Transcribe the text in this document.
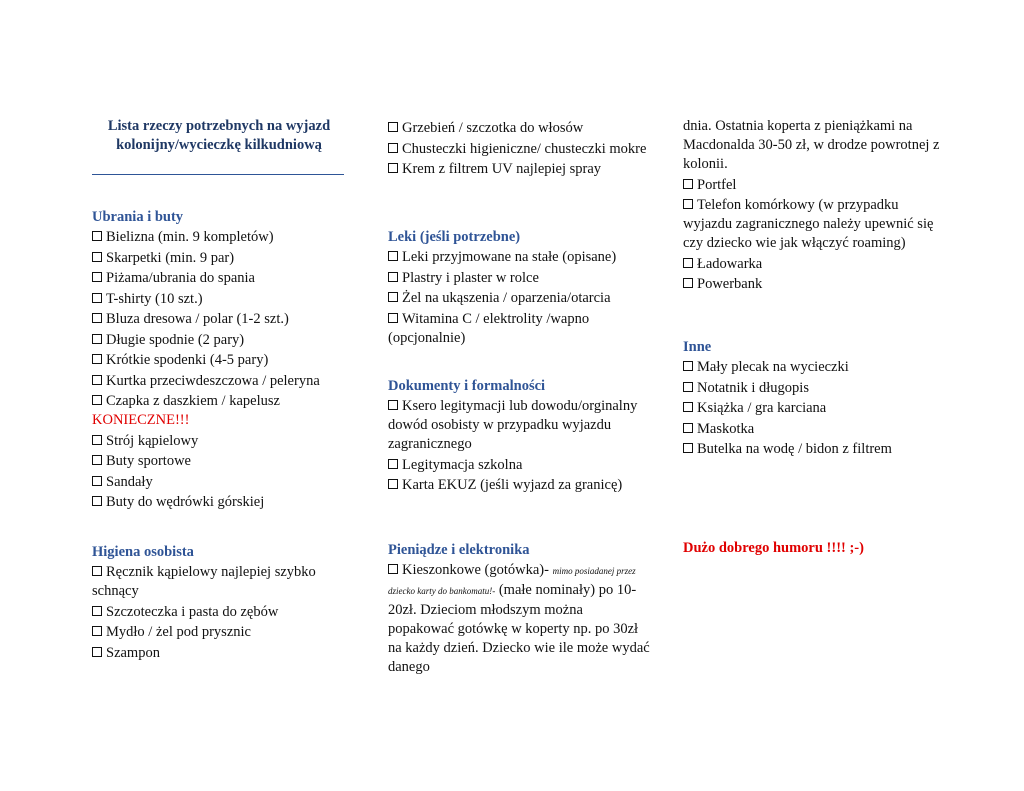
Lista rzeczy potrzebnych na wyjazd kolonijny/wycieczkę kilkudniową
Ubrania i buty
Bielizna (min. 9 kompletów)
Skarpetki (min. 9 par)
Piżama/ubrania do spania
T-shirty (10 szt.)
Bluza dresowa / polar (1-2 szt.)
Długie spodnie (2 pary)
Krótkie spodenki (4-5 pary)
Kurtka przeciwdeszczowa / peleryna
Czapka z daszkiem / kapelusz
KONIECZNE!!!
Strój kąpielowy
Buty sportowe
Sandały
Buty do wędrówki górskiej
Higiena osobista
Ręcznik kąpielowy najlepiej szybko schnący
Szczoteczka i pasta do zębów
Mydło / żel pod prysznic
Szampon
Grzebień / szczotka do włosów
Chusteczki higieniczne/ chusteczki mokre
Krem z filtrem UV najlepiej spray
Leki (jeśli potrzebne)
Leki przyjmowane na stałe (opisane)
Plastry i plaster w rolce
Żel na ukąszenia / oparzenia/otarcia
Witamina C / elektrolity /wapno (opcjonalnie)
Dokumenty i formalności
Ksero legitymacji lub dowodu/orginalny dowód osobisty w przypadku wyjazdu zagranicznego
Legitymacja szkolna
Karta EKUZ (jeśli wyjazd za granicę)
Pieniądze i elektronika
Kieszonkowe (gotówka)- mimo posiadanej przez dziecko karty do bankomatu!- (małe nominały) po 10-20zł. Dzieciom młodszym można popakować gotówkę w koperty np. po 30zł na każdy dzień. Dziecko wie ile może wydać danego
dnia. Ostatnia koperta z pieniążkami na Macdonalda 30-50 zł, w drodze powrotnej z kolonii.
Portfel
Telefon komórkowy (w przypadku wyjazdu zagranicznego należy upewnić się czy dziecko wie jak włączyć roaming)
Ładowarka
Powerbank
Inne
Mały plecak na wycieczki
Notatnik i długopis
Książka / gra karciana
Maskotka
Butelka na wodę / bidon z filtrem
Dużo dobrego humoru !!!! ;-)
